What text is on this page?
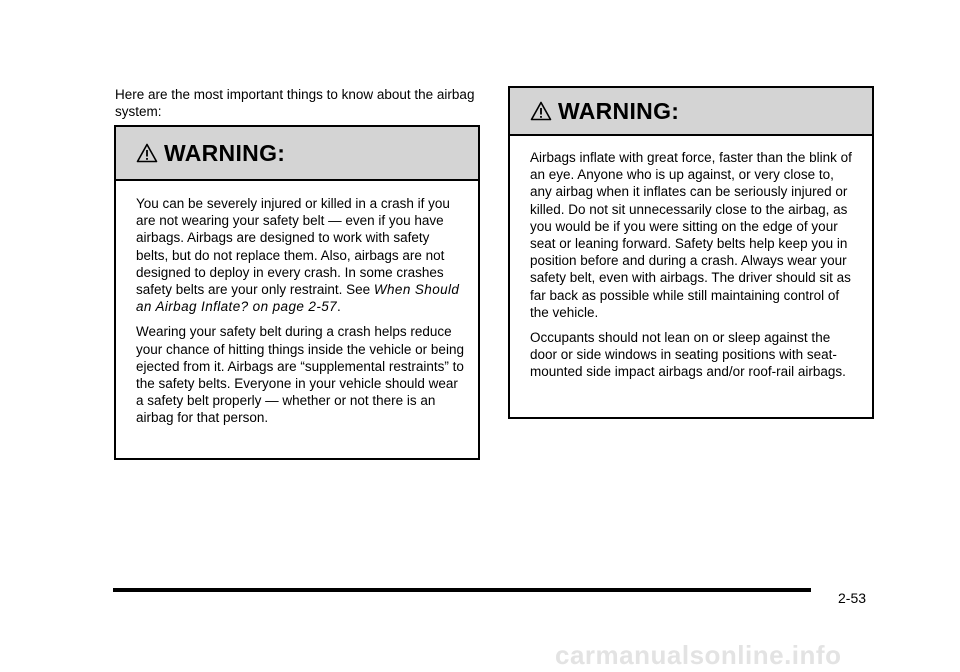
Here are the most important things to know about the airbag system:

WARNING:

You can be severely injured or killed in a crash if you are not wearing your safety belt — even if you have airbags. Airbags are designed to work with safety belts, but do not replace them. Also, airbags are not designed to deploy in every crash. In some crashes safety belts are your only restraint. See When Should an Airbag Inflate? on page 2-57.

Wearing your safety belt during a crash helps reduce your chance of hitting things inside the vehicle or being ejected from it. Airbags are “supplemental restraints” to the safety belts. Everyone in your vehicle should wear a safety belt properly — whether or not there is an airbag for that person.

WARNING:

Airbags inflate with great force, faster than the blink of an eye. Anyone who is up against, or very close to, any airbag when it inflates can be seriously injured or killed. Do not sit unnecessarily close to the airbag, as you would be if you were sitting on the edge of your seat or leaning forward. Safety belts help keep you in position before and during a crash. Always wear your safety belt, even with airbags. The driver should sit as far back as possible while still maintaining control of the vehicle.

Occupants should not lean on or sleep against the door or side windows in seating positions with seat-mounted side impact airbags and/or roof-rail airbags.

2-53
carmanualsonline.info
